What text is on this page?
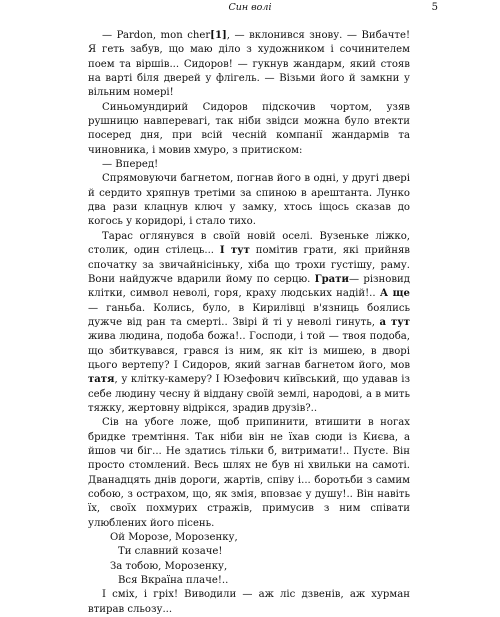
Син волі	5

— Pardon, mon cher[1], — вклонився знову. — Вибачте! Я геть забув, що маю діло з художником і сочинителем поем та віршів... Сидоров! — гукнув жандарм, який стояв на варті біля дверей у флігель. — Візьми його й замкни у вільним номері!

Синьомундирий Сидоров підскочив чортом, узяв рушницю навперевагі, так ніби звідси можна було втекти посеред дня, при всій чесній компанії жандармів та чиновника, і мовив хмуро, з притиском:

— Вперед!

Спрямовуючи багнетом, погнав його в одні, у другі двері й сердито хряпнув третіми за спиною в арештанта. Лунко два рази клацнув ключ у замку, хтось іщось сказав до когось у коридорі, і стало тихо.

Тарас оглянувся в своїй новій оселі. Вузенькe ліжко, столик, один стілець... І тут помітив грати, які прийняв спочатку за звичайнісіньку, хіба що трохи густішу, раму. Вони найдужче вдарили йому по серцю. Грати— різновид клітки, символ неволі, горя, краху людських надій!.. А ще — ганьба. Колись, було, в Кирилівці в'язниць боялись дужче від ран та смерті.. Звірі й ті у неволі гинуть, а тут жива людина, подоба божа!.. Господи, і той — твоя подоба, що збиткувався, грався із ним, як кіт із мишею, в дворі цього вертепу? І Сидоров, який загнав багнетом його, мов татя, у клітку-камеру? І Юзефович київський, що удавав із себе людину чесну й відданy своїй землі, народові, а в мить тяжку, жертовну відрікся, зрадив друзів?..

Сів на убоге ложе, щоб припинити, втишити в ногах бридке тремтіння. Так ніби він не їхав сюди із Києва, а йшов чи біг... Не здатись тільки б, витримати!.. Пусте. Він просто стомлений. Весь шлях не був ні хвильки на самоті. Дванадцять днів дороги, жартів, співу і... боротьби з самим собою, з острахом, що, як змія, вповзає у душу!.. Він навіть їх, своїх похмурих стражів, примусив з ним співати улюблених його пісень.

Ой Морозе, Морозенку,
Ти славний козаче!
За тобою, Морозенку,
Вся Вкраїна плаче!..

І сміх, і гріх! Виводили — аж ліс дзвенів, аж хурман втирав сльозу...
